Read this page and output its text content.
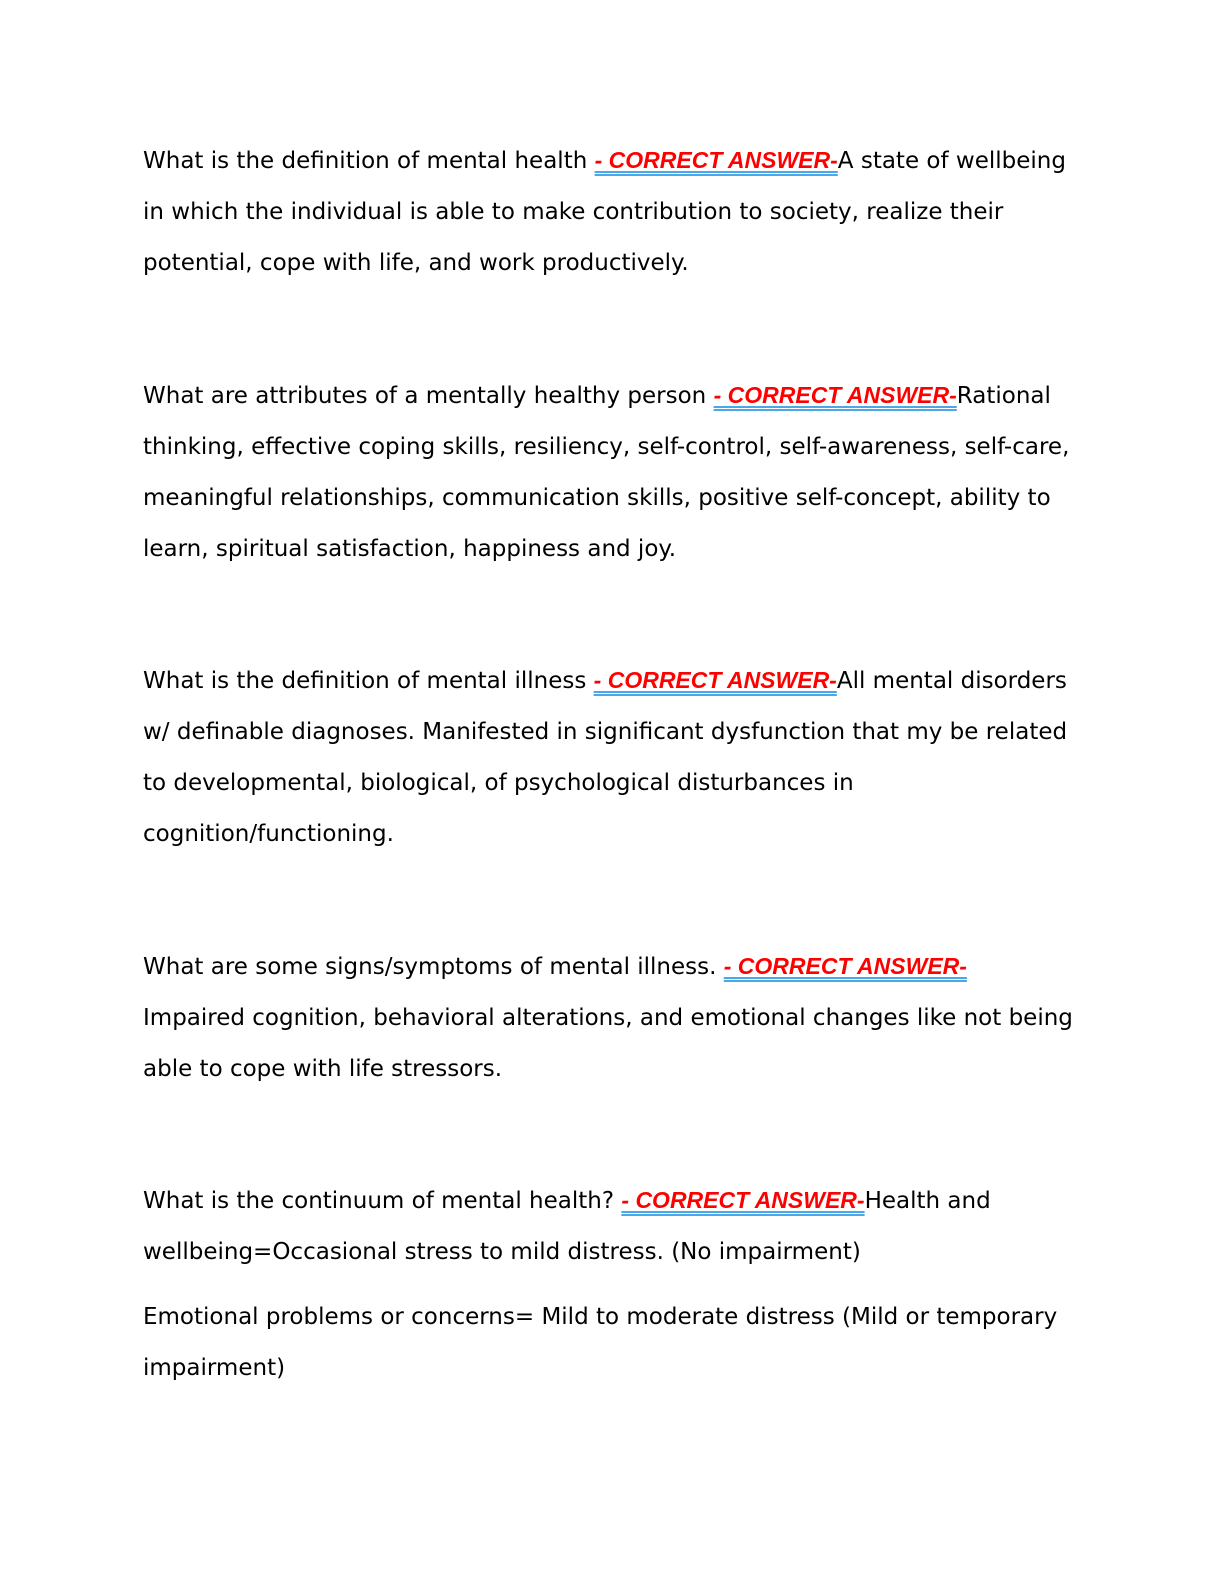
What is the definition of mental health - CORRECT ANSWER-A state of wellbeing in which the individual is able to make contribution to society, realize their potential, cope with life, and work productively.

What are attributes of a mentally healthy person - CORRECT ANSWER-Rational thinking, effective coping skills, resiliency, self-control, self-awareness, self-care, meaningful relationships, communication skills, positive self-concept, ability to learn, spiritual satisfaction, happiness and joy.

What is the definition of mental illness - CORRECT ANSWER-All mental disorders w/ definable diagnoses. Manifested in significant dysfunction that my be related to developmental, biological, of psychological disturbances in cognition/functioning.

What are some signs/symptoms of mental illness. - CORRECT ANSWER-
Impaired cognition, behavioral alterations, and emotional changes like not being able to cope with life stressors.

What is the continuum of mental health? - CORRECT ANSWER-Health and wellbeing=Occasional stress to mild distress. (No impairment)

Emotional problems or concerns= Mild to moderate distress (Mild or temporary impairment)
